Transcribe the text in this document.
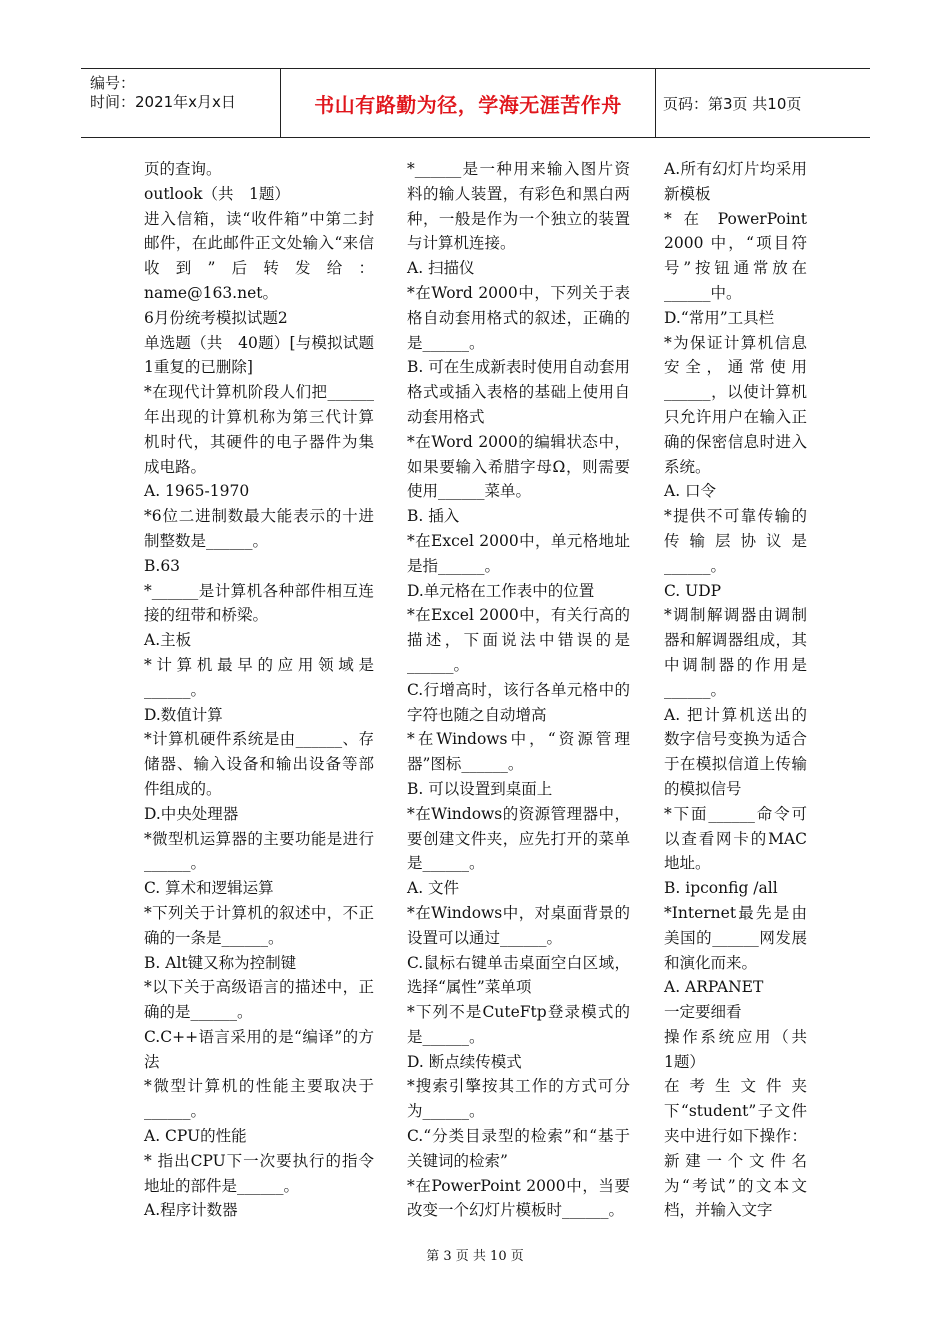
编号：
时间：2021年x月x日	书山有路勤为径，学海无涯苦作舟	页码：第3页 共10页

页的查询。

outlook（共　1题）

进入信箱，读“收件箱”中第二封邮件，在此邮件正文处输入“来信收到”后转发给：name@163.net。

6月份统考模拟试题2

单选题（共　40题）[与模拟试题1重复的已删除]

*在现代计算机阶段人们把______年出现的计算机称为第三代计算机时代，其硬件的电子器件为集成电路。

A. 1965-1970

*6位二进制数最大能表示的十进制整数是______。

B.63

*______是计算机各种部件相互连接的纽带和桥梁。

A.主板

*计算机最早的应用领域是______。

D.数值计算

*计算机硬件系统是由______、存储器、输入设备和输出设备等部件组成的。

D.中央处理器

*微型机运算器的主要功能是进行______。

C. 算术和逻辑运算

*下列关于计算机的叙述中，不正确的一条是______。

B. Alt键又称为控制键

*以下关于高级语言的描述中，正确的是______。

C.C++语言采用的是“编译”的方法

*微型计算机的性能主要取决于______。

A. CPU的性能

* 指出CPU下一次要执行的指令地址的部件是______。

A.程序计数器

*______是一种用来输入图片资料的输人装置，有彩色和黑白两种，一般是作为一个独立的装置与计算机连接。

A. 扫描仪

*在Word 2000中，下列关于表格自动套用格式的叙述，正确的是______。

B. 可在生成新表时使用自动套用格式或插入表格的基础上使用自动套用格式

*在Word 2000的编辑状态中，如果要输入希腊字母Ω，则需要使用______菜单。

B. 插入

*在Excel 2000中，单元格地址是指______。

D.单元格在工作表中的位置

*在Excel 2000中，有关行高的描述，下面说法中错误的是______。

C.行增高时，该行各单元格中的字符也随之自动增高

*在Windows中，“资源管理器”图标______。

B. 可以设置到桌面上

*在Windows的资源管理器中，要创建文件夹，应先打开的菜单是______。

A. 文件

*在Windows中，对桌面背景的设置可以通过______。

C.鼠标右键单击桌面空白区域，选择“属性”菜单项

*下列不是CuteFtp登录模式的是______。

D. 断点续传模式

*搜索引擎按其工作的方式可分为______。

C.“分类目录型的检索”和“基于关键词的检索”

*在PowerPoint 2000中，当要改变一个幻灯片模板时______。

A.所有幻灯片均采用新模板

* 在 PowerPoint 2000 中，“项目符号”按钮通常放在______中。

D.“常用”工具栏

*为保证计算机信息安全，通常使用______，以使计算机只允许用户在输入正确的保密信息时进入系统。

A. 口令

*提供不可靠传输的传输层协议是______。

C. UDP

*调制解调器由调制器和解调器组成，其中调制器的作用是______。

A. 把计算机送出的数字信号变换为适合于在模拟信道上传输的模拟信号

*下面______命令可以查看网卡的MAC地址。

B. ipconfig /all

*Internet最先是由美国的______网发展和演化而来。

A. ARPANET

一定要细看

操作系统应用（共　1题）

在考生文件夹下“student”子文件夹中进行如下操作：新建一个文件名为“考试”的文本文档，并输入文字

第 3 页 共 10 页
